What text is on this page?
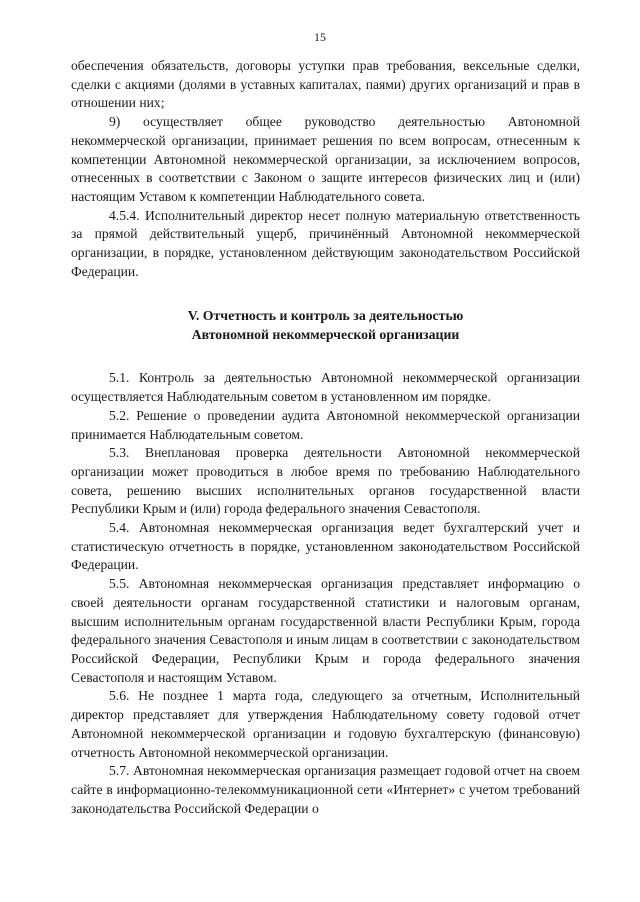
15

обеспечения обязательств, договоры уступки прав требования, вексельные сделки, сделки с акциями (долями в уставных капиталах, паями) других организаций и прав в отношении них;

9) осуществляет общее руководство деятельностью Автономной некоммерческой организации, принимает решения по всем вопросам, отнесенным к компетенции Автономной некоммерческой организации, за исключением вопросов, отнесенных в соответствии с Законом о защите интересов физических лиц и (или) настоящим Уставом к компетенции Наблюдательного совета.

4.5.4. Исполнительный директор несет полную материальную ответственность за прямой действительный ущерб, причинённый Автономной некоммерческой организации, в порядке, установленном действующим законодательством Российской Федерации.

V. Отчетность и контроль за деятельностью
Автономной некоммерческой организации

5.1. Контроль за деятельностью Автономной некоммерческой организации осуществляется Наблюдательным советом в установленном им порядке.

5.2. Решение о проведении аудита Автономной некоммерческой организации принимается Наблюдательным советом.

5.3. Внеплановая проверка деятельности Автономной некоммерческой организации может проводиться в любое время по требованию Наблюдательного совета, решению высших исполнительных органов государственной власти Республики Крым и (или) города федерального значения Севастополя.

5.4. Автономная некоммерческая организация ведет бухгалтерский учет и статистическую отчетность в порядке, установленном законодательством Российской Федерации.

5.5. Автономная некоммерческая организация представляет информацию о своей деятельности органам государственной статистики и налоговым органам, высшим исполнительным органам государственной власти Республики Крым, города федерального значения Севастополя и иным лицам в соответствии с законодательством Российской Федерации, Республики Крым и города федерального значения Севастополя и настоящим Уставом.

5.6. Не позднее 1 марта года, следующего за отчетным, Исполнительный директор представляет для утверждения Наблюдательному совету годовой отчет Автономной некоммерческой организации и годовую бухгалтерскую (финансовую) отчетность Автономной некоммерческой организации.

5.7. Автономная некоммерческая организация размещает годовой отчет на своем сайте в информационно-телекоммуникационной сети «Интернет» с учетом требований законодательства Российской Федерации о
